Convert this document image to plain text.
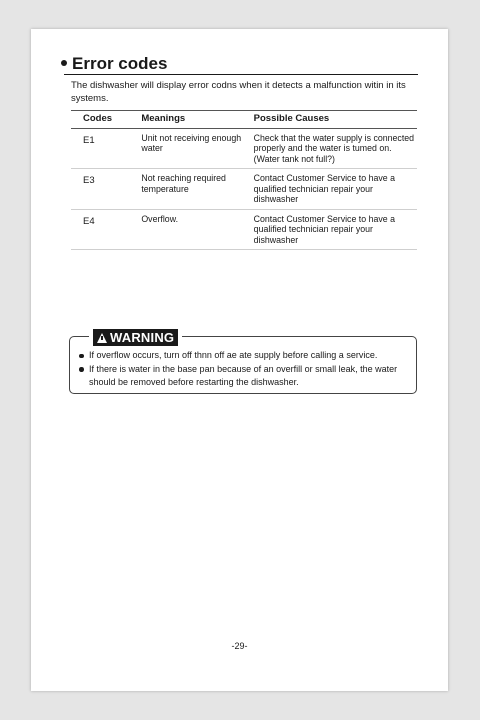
Error codes

The dishwasher will display error codns when it detects a malfunction witin in its systems.

Codes	Meanings	Possible Causes
E1	Unit not receiving enough water	Check that the water supply is connected properly and the water is tumed on. (Water tank not full?)
E3	Not reaching required temperature	Contact Customer Service to have a qualified technician repair your dishwasher
E4	Overflow.	Contact Customer Service to have a qualified technician repair your dishwasher
WARNING
If overflow occurs, turn off thnn off ae ate supply before calling a service.
If there is water in the base pan because of an overfill or small leak, the water should be removed before restarting the dishwasher.
-29-
